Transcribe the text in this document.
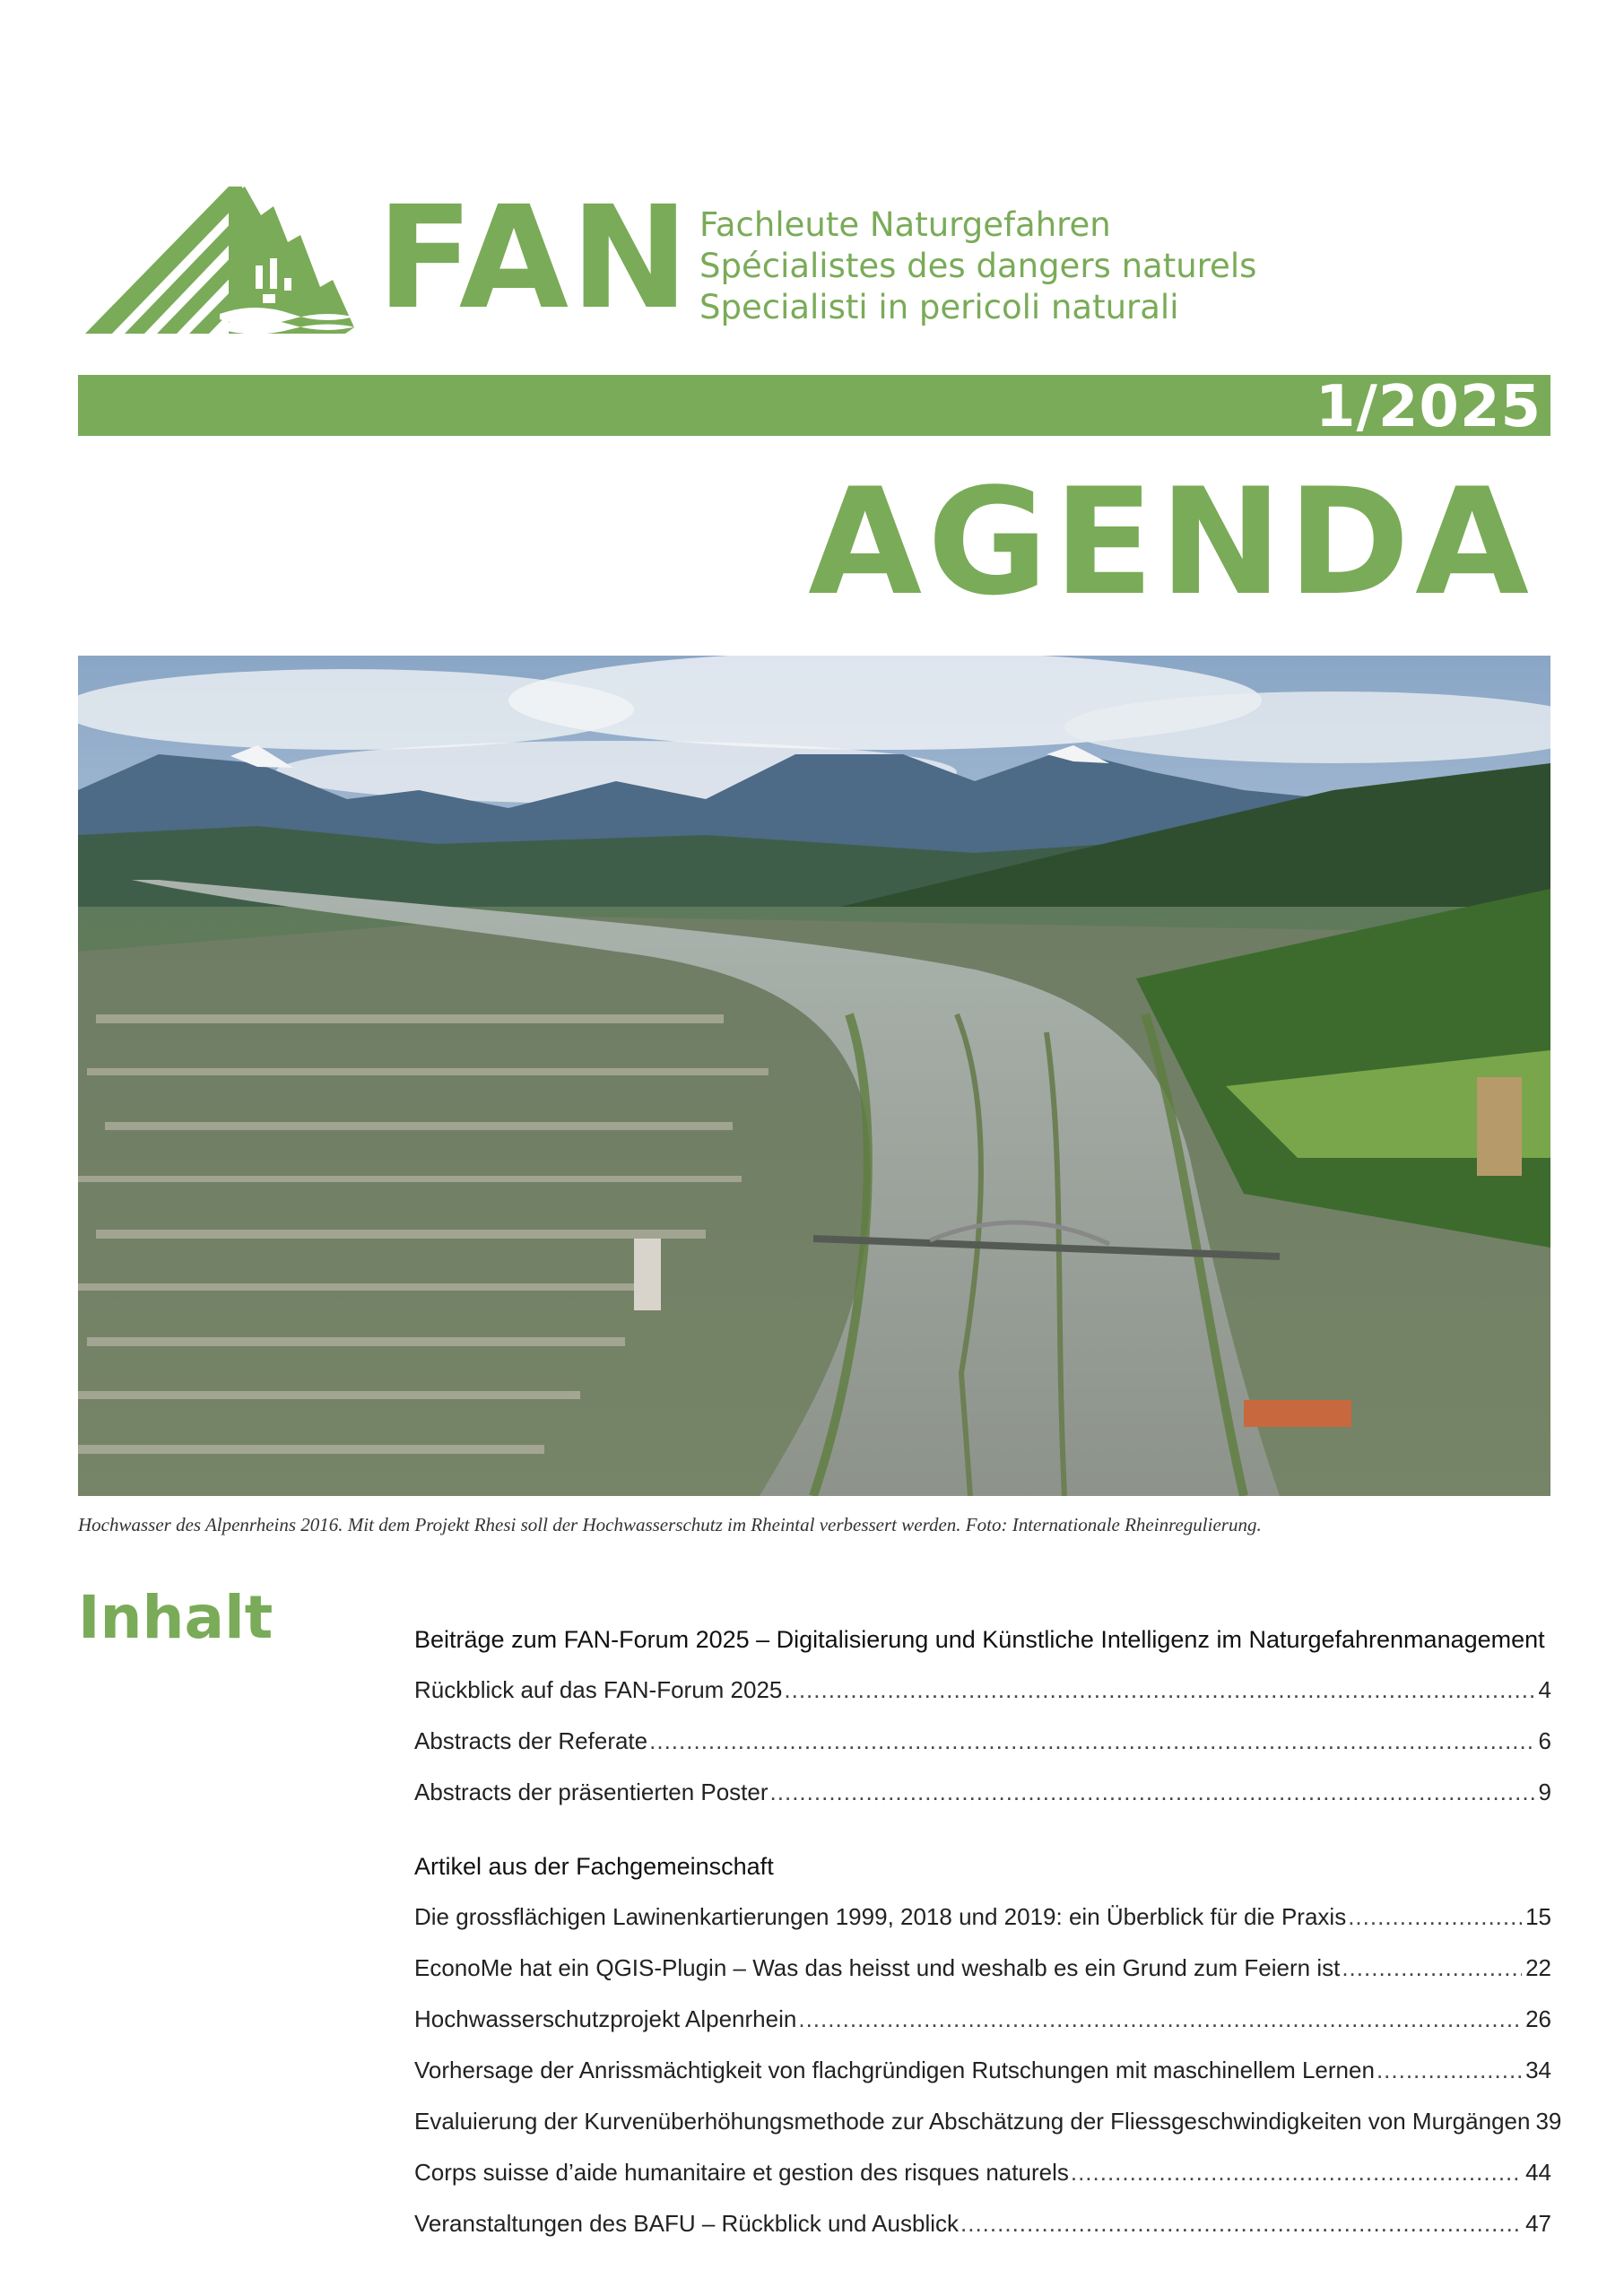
FAN Fachleute Naturgefahren
Spécialistes des dangers naturels
Specialisti in pericoli naturali
1/2025
AGENDA
Hochwasser des Alpenrheins 2016. Mit dem Projekt Rhesi soll der Hochwasserschutz im Rheintal verbessert werden. Foto: Internationale Rheinregulierung.
Inhalt	Beiträge zum FAN-Forum 2025 – Digitalisierung und Künstliche Intelligenz im Naturgefahrenmanagement
Rückblick auf das FAN-Forum 2025 .....	4
Abstracts der Referate .....	6
Abstracts der präsentierten Poster .....	9
Artikel aus der Fachgemeinschaft
Die grossflächigen Lawinenkartierungen 1999, 2018 und 2019: ein Überblick für die Praxis .....	15
EconoMe hat ein QGIS-Plugin – Was das heisst und weshalb es ein Grund zum Feiern ist .....	22
Hochwasserschutzprojekt Alpenrhein .....	26
Vorhersage der Anrissmächtigkeit von flachgründigen Rutschungen mit maschinellem Lernen .....	34
Evaluierung der Kurvenüberhöhungsmethode zur Abschätzung der Fliessgeschwindigkeiten von Murgängen 39
Corps suisse d’aide humanitaire et gestion des risques naturels .....	44
Veranstaltungen des BAFU – Rückblick und Ausblick .....	47
